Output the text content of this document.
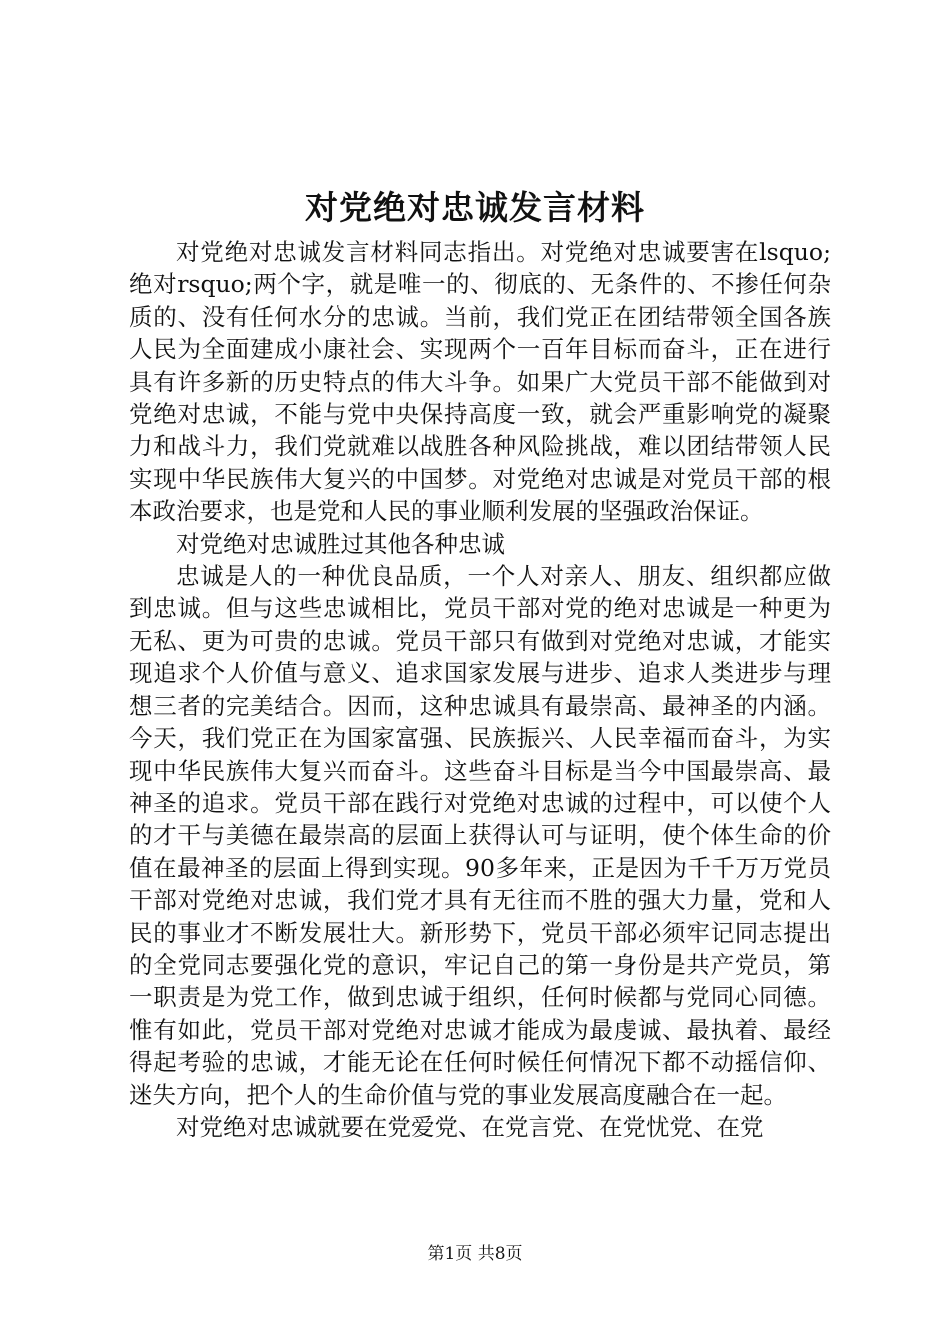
对党绝对忠诚发言材料

对党绝对忠诚发言材料同志指出。对党绝对忠诚要害在lsquo;绝对rsquo;两个字，就是唯一的、彻底的、无条件的、不掺任何杂质的、没有任何水分的忠诚。当前，我们党正在团结带领全国各族人民为全面建成小康社会、实现两个一百年目标而奋斗，正在进行具有许多新的历史特点的伟大斗争。如果广大党员干部不能做到对党绝对忠诚，不能与党中央保持高度一致，就会严重影响党的凝聚力和战斗力，我们党就难以战胜各种风险挑战，难以团结带领人民实现中华民族伟大复兴的中国梦。对党绝对忠诚是对党员干部的根本政治要求，也是党和人民的事业顺利发展的坚强政治保证。

对党绝对忠诚胜过其他各种忠诚

忠诚是人的一种优良品质，一个人对亲人、朋友、组织都应做到忠诚。但与这些忠诚相比，党员干部对党的绝对忠诚是一种更为无私、更为可贵的忠诚。党员干部只有做到对党绝对忠诚，才能实现追求个人价值与意义、追求国家发展与进步、追求人类进步与理想三者的完美结合。因而，这种忠诚具有最崇高、最神圣的内涵。今天，我们党正在为国家富强、民族振兴、人民幸福而奋斗，为实现中华民族伟大复兴而奋斗。这些奋斗目标是当今中国最崇高、最神圣的追求。党员干部在践行对党绝对忠诚的过程中，可以使个人的才干与美德在最崇高的层面上获得认可与证明，使个体生命的价值在最神圣的层面上得到实现。90多年来，正是因为千千万万党员干部对党绝对忠诚，我们党才具有无往而不胜的强大力量，党和人民的事业才不断发展壮大。新形势下，党员干部必须牢记同志提出的全党同志要强化党的意识，牢记自己的第一身份是共产党员，第一职责是为党工作，做到忠诚于组织，任何时候都与党同心同德。惟有如此，党员干部对党绝对忠诚才能成为最虔诚、最执着、最经得起考验的忠诚，才能无论在任何时候任何情况下都不动摇信仰、迷失方向，把个人的生命价值与党的事业发展高度融合在一起。

对党绝对忠诚就要在党爱党、在党言党、在党忧党、在党

第1页 共8页
